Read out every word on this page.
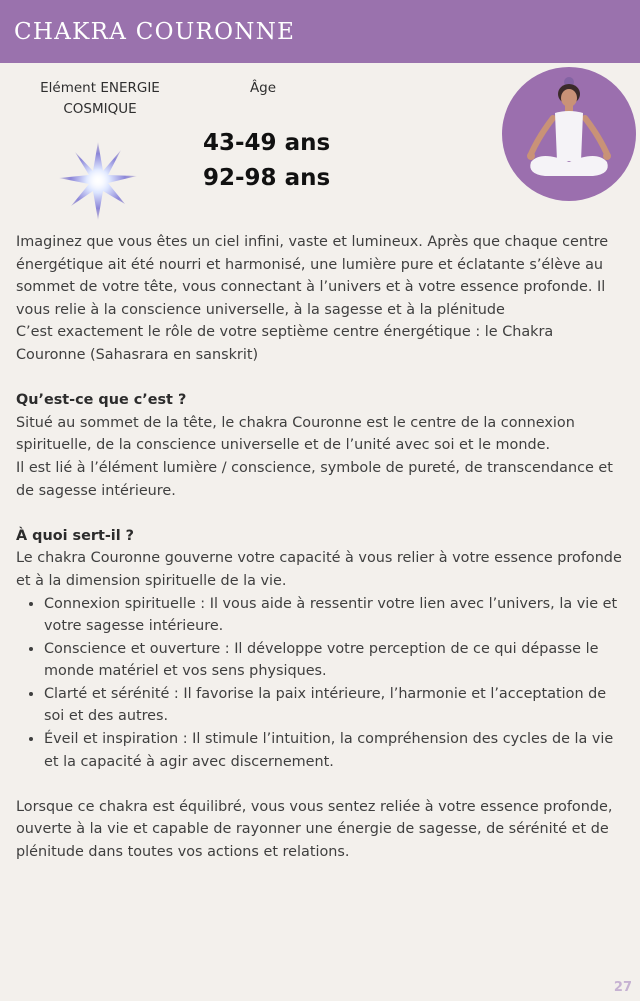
CHAKRA COURONNE
Elément ENERGIE
COSMIQUE
Âge
43-49 ans
92-98 ans

Imaginez que vous êtes un ciel infini, vaste et lumineux. Après que chaque centre énergétique ait été nourri et harmonisé, une lumière pure et éclatante s’élève au sommet de votre tête, vous connectant à l’univers et à votre essence profonde. Il vous relie à la conscience universelle, à la sagesse et à la plénitude

C’est exactement le rôle de votre septième centre énergétique : le Chakra Couronne (Sahasrara en sanskrit)

Qu’est-ce que c’est ?

Situé au sommet de la tête, le chakra Couronne est le centre de la connexion spirituelle, de la conscience universelle et de l’unité avec soi et le monde.

Il est lié à l’élément lumière / conscience, symbole de pureté, de transcendance et de sagesse intérieure.

À quoi sert-il ?

Le chakra Couronne gouverne votre capacité à vous relier à votre essence profonde et à la dimension spirituelle de la vie.

• Connexion spirituelle : Il vous aide à ressentir votre lien avec l’univers, la vie et votre sagesse intérieure.
• Conscience et ouverture : Il développe votre perception de ce qui dépasse le monde matériel et vos sens physiques.
• Clarté et sérénité : Il favorise la paix intérieure, l’harmonie et l’acceptation de soi et des autres.
• Éveil et inspiration : Il stimule l’intuition, la compréhension des cycles de la vie et la capacité à agir avec discernement.

Lorsque ce chakra est équilibré, vous vous sentez reliée à votre essence profonde, ouverte à la vie et capable de rayonner une énergie de sagesse, de sérénité et de plénitude dans toutes vos actions et relations.

27
